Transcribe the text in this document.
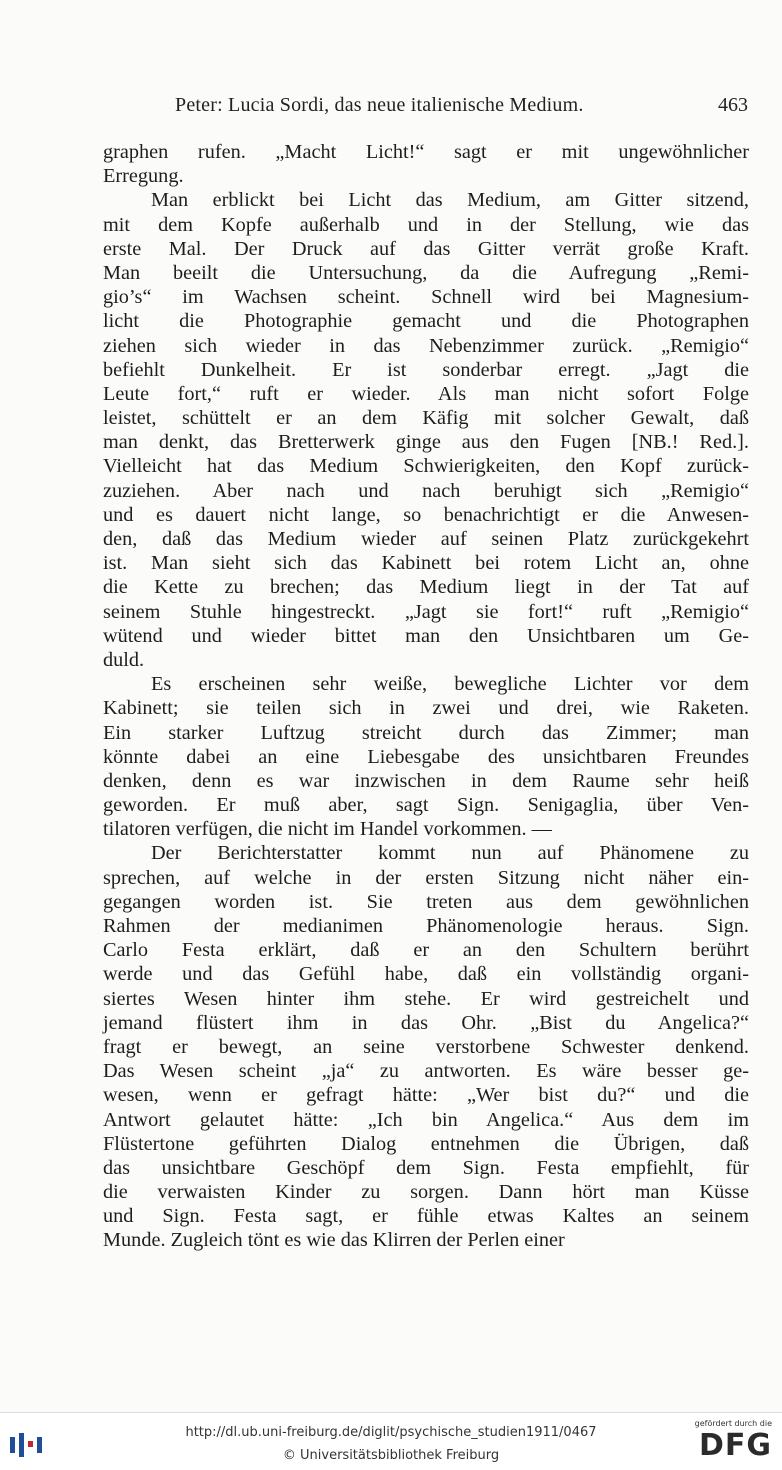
Peter: Lucia Sordi, das neue italienische Medium.	463
graphen rufen. „Macht Licht!“ sagt er mit ungewöhnlicher
Erregung.
Man erblickt bei Licht das Medium, am Gitter sitzend,
mit dem Kopfe außerhalb und in der Stellung, wie das
erste Mal. Der Druck auf das Gitter verrät große Kraft.
Man beeilt die Untersuchung, da die Aufregung „Remi-
gio’s“ im Wachsen scheint. Schnell wird bei Magnesium-
licht die Photographie gemacht und die Photographen
ziehen sich wieder in das Nebenzimmer zurück. „Remigio“
befiehlt Dunkelheit. Er ist sonderbar erregt. „Jagt die
Leute fort,“ ruft er wieder. Als man nicht sofort Folge
leistet, schüttelt er an dem Käfig mit solcher Gewalt, daß
man denkt, das Bretterwerk ginge aus den Fugen [NB.! Red.].
Vielleicht hat das Medium Schwierigkeiten, den Kopf zurück-
zuziehen. Aber nach und nach beruhigt sich „Remigio“
und es dauert nicht lange, so benachrichtigt er die Anwesen-
den, daß das Medium wieder auf seinen Platz zurückgekehrt
ist. Man sieht sich das Kabinett bei rotem Licht an, ohne
die Kette zu brechen; das Medium liegt in der Tat auf
seinem Stuhle hingestreckt. „Jagt sie fort!“ ruft „Remigio“
wütend und wieder bittet man den Unsichtbaren um Ge-
duld.
Es erscheinen sehr weiße, bewegliche Lichter vor dem
Kabinett; sie teilen sich in zwei und drei, wie Raketen.
Ein starker Luftzug streicht durch das Zimmer; man
könnte dabei an eine Liebesgabe des unsichtbaren Freundes
denken, denn es war inzwischen in dem Raume sehr heiß
geworden. Er muß aber, sagt Sign. Senigaglia, über Ven-
tilatoren verfügen, die nicht im Handel vorkommen. —
Der Berichterstatter kommt nun auf Phänomene zu
sprechen, auf welche in der ersten Sitzung nicht näher ein-
gegangen worden ist. Sie treten aus dem gewöhnlichen
Rahmen der medianimen Phänomenologie heraus. Sign.
Carlo Festa erklärt, daß er an den Schultern berührt
werde und das Gefühl habe, daß ein vollständig organi-
siertes Wesen hinter ihm stehe. Er wird gestreichelt und
jemand flüstert ihm in das Ohr. „Bist du Angelica?“
fragt er bewegt, an seine verstorbene Schwester denkend.
Das Wesen scheint „ja“ zu antworten. Es wäre besser ge-
wesen, wenn er gefragt hätte: „Wer bist du?“ und die
Antwort gelautet hätte: „Ich bin Angelica.“ Aus dem im
Flüstertone geführten Dialog entnehmen die Übrigen, daß
das unsichtbare Geschöpf dem Sign. Festa empfiehlt, für
die verwaisten Kinder zu sorgen. Dann hört man Küsse
und Sign. Festa sagt, er fühle etwas Kaltes an seinem
Munde. Zugleich tönt es wie das Klirren der Perlen einer
http://dl.ub.uni-freiburg.de/diglit/psychische_studien1911/0467
© Universitätsbibliothek Freiburg
gefördert durch die
DFG
